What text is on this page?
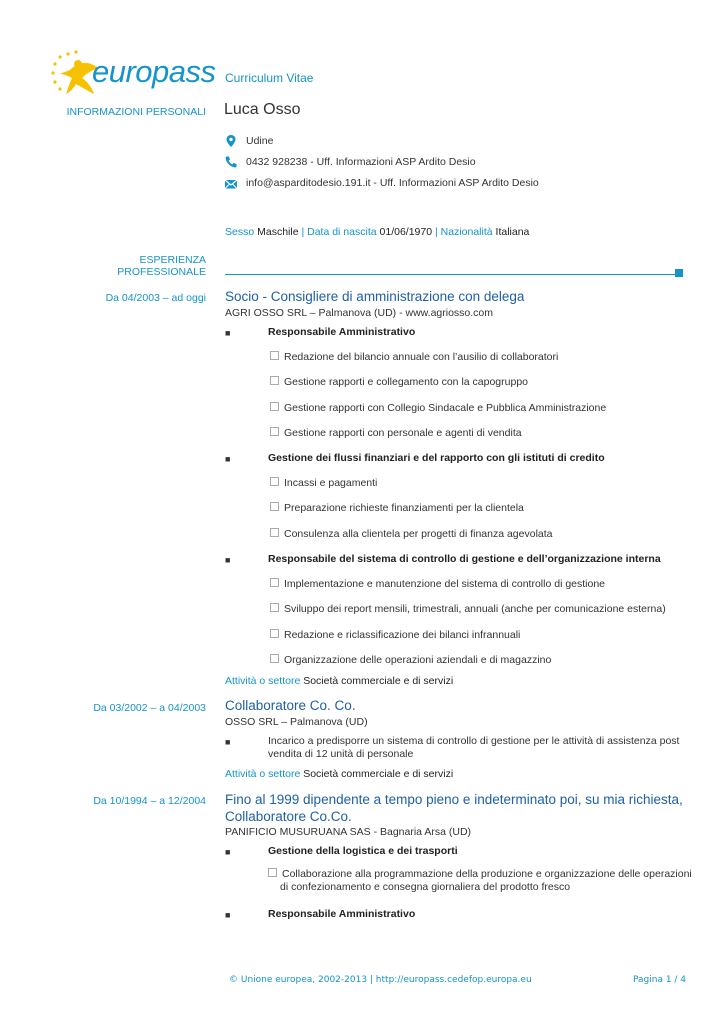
europass Curriculum Vitae
INFORMAZIONI PERSONALI Luca Osso
Udine
0432 928238 - Uff. Informazioni ASP Ardito Desio
info@asparditodesio.191.it - Uff. Informazioni ASP Ardito Desio
Sesso Maschile | Data di nascita 01/06/1970 | Nazionalità Italiana
ESPERIENZA
PROFESSIONALE
Da 04/2003 – ad oggi Socio - Consigliere di amministrazione con delega
AGRI OSSO SRL – Palmanova (UD) - www.agriosso.com
■	Responsabile Amministrativo
Redazione del bilancio annuale con l’ausilio di collaboratori
Gestione rapporti e collegamento con la capogruppo
Gestione rapporti con Collegio Sindacale e Pubblica Amministrazione
Gestione rapporti con personale e agenti di vendita
■	Gestione dei flussi finanziari e del rapporto con gli istituti di credito
Incassi e pagamenti
Preparazione richieste finanziamenti per la clientela
Consulenza alla clientela per progetti di finanza agevolata
■	Responsabile del sistema di controllo di gestione e dell’organizzazione interna
Implementazione e manutenzione del sistema di controllo di gestione
Sviluppo dei report mensili, trimestrali, annuali (anche per comunicazione esterna)
Redazione e riclassificazione dei bilanci infrannuali
Organizzazione delle operazioni aziendali e di magazzino
Attività o settore Società commerciale e di servizi
Da 03/2002 – a 04/2003 Collaboratore Co. Co.
OSSO SRL – Palmanova (UD)
■	Incarico a predisporre un sistema di controllo di gestione per le attività di assistenza post
vendita di 12 unità di personale
Attività o settore Società commerciale e di servizi
Da 10/1994 – a 12/2004 Fino al 1999 dipendente a tempo pieno e indeterminato poi, su mia richiesta,
Collaboratore Co.Co.
PANIFICIO MUSURUANA SAS - Bagnaria Arsa (UD)
■	Gestione della logistica e dei trasporti
Collaborazione alla programmazione della produzione e organizzazione delle operazioni
di confezionamento e consegna giornaliera del prodotto fresco
■	Responsabile Amministrativo
© Unione europea, 2002-2013 | http://europass.cedefop.europa.eu	Pagina 1 / 4
